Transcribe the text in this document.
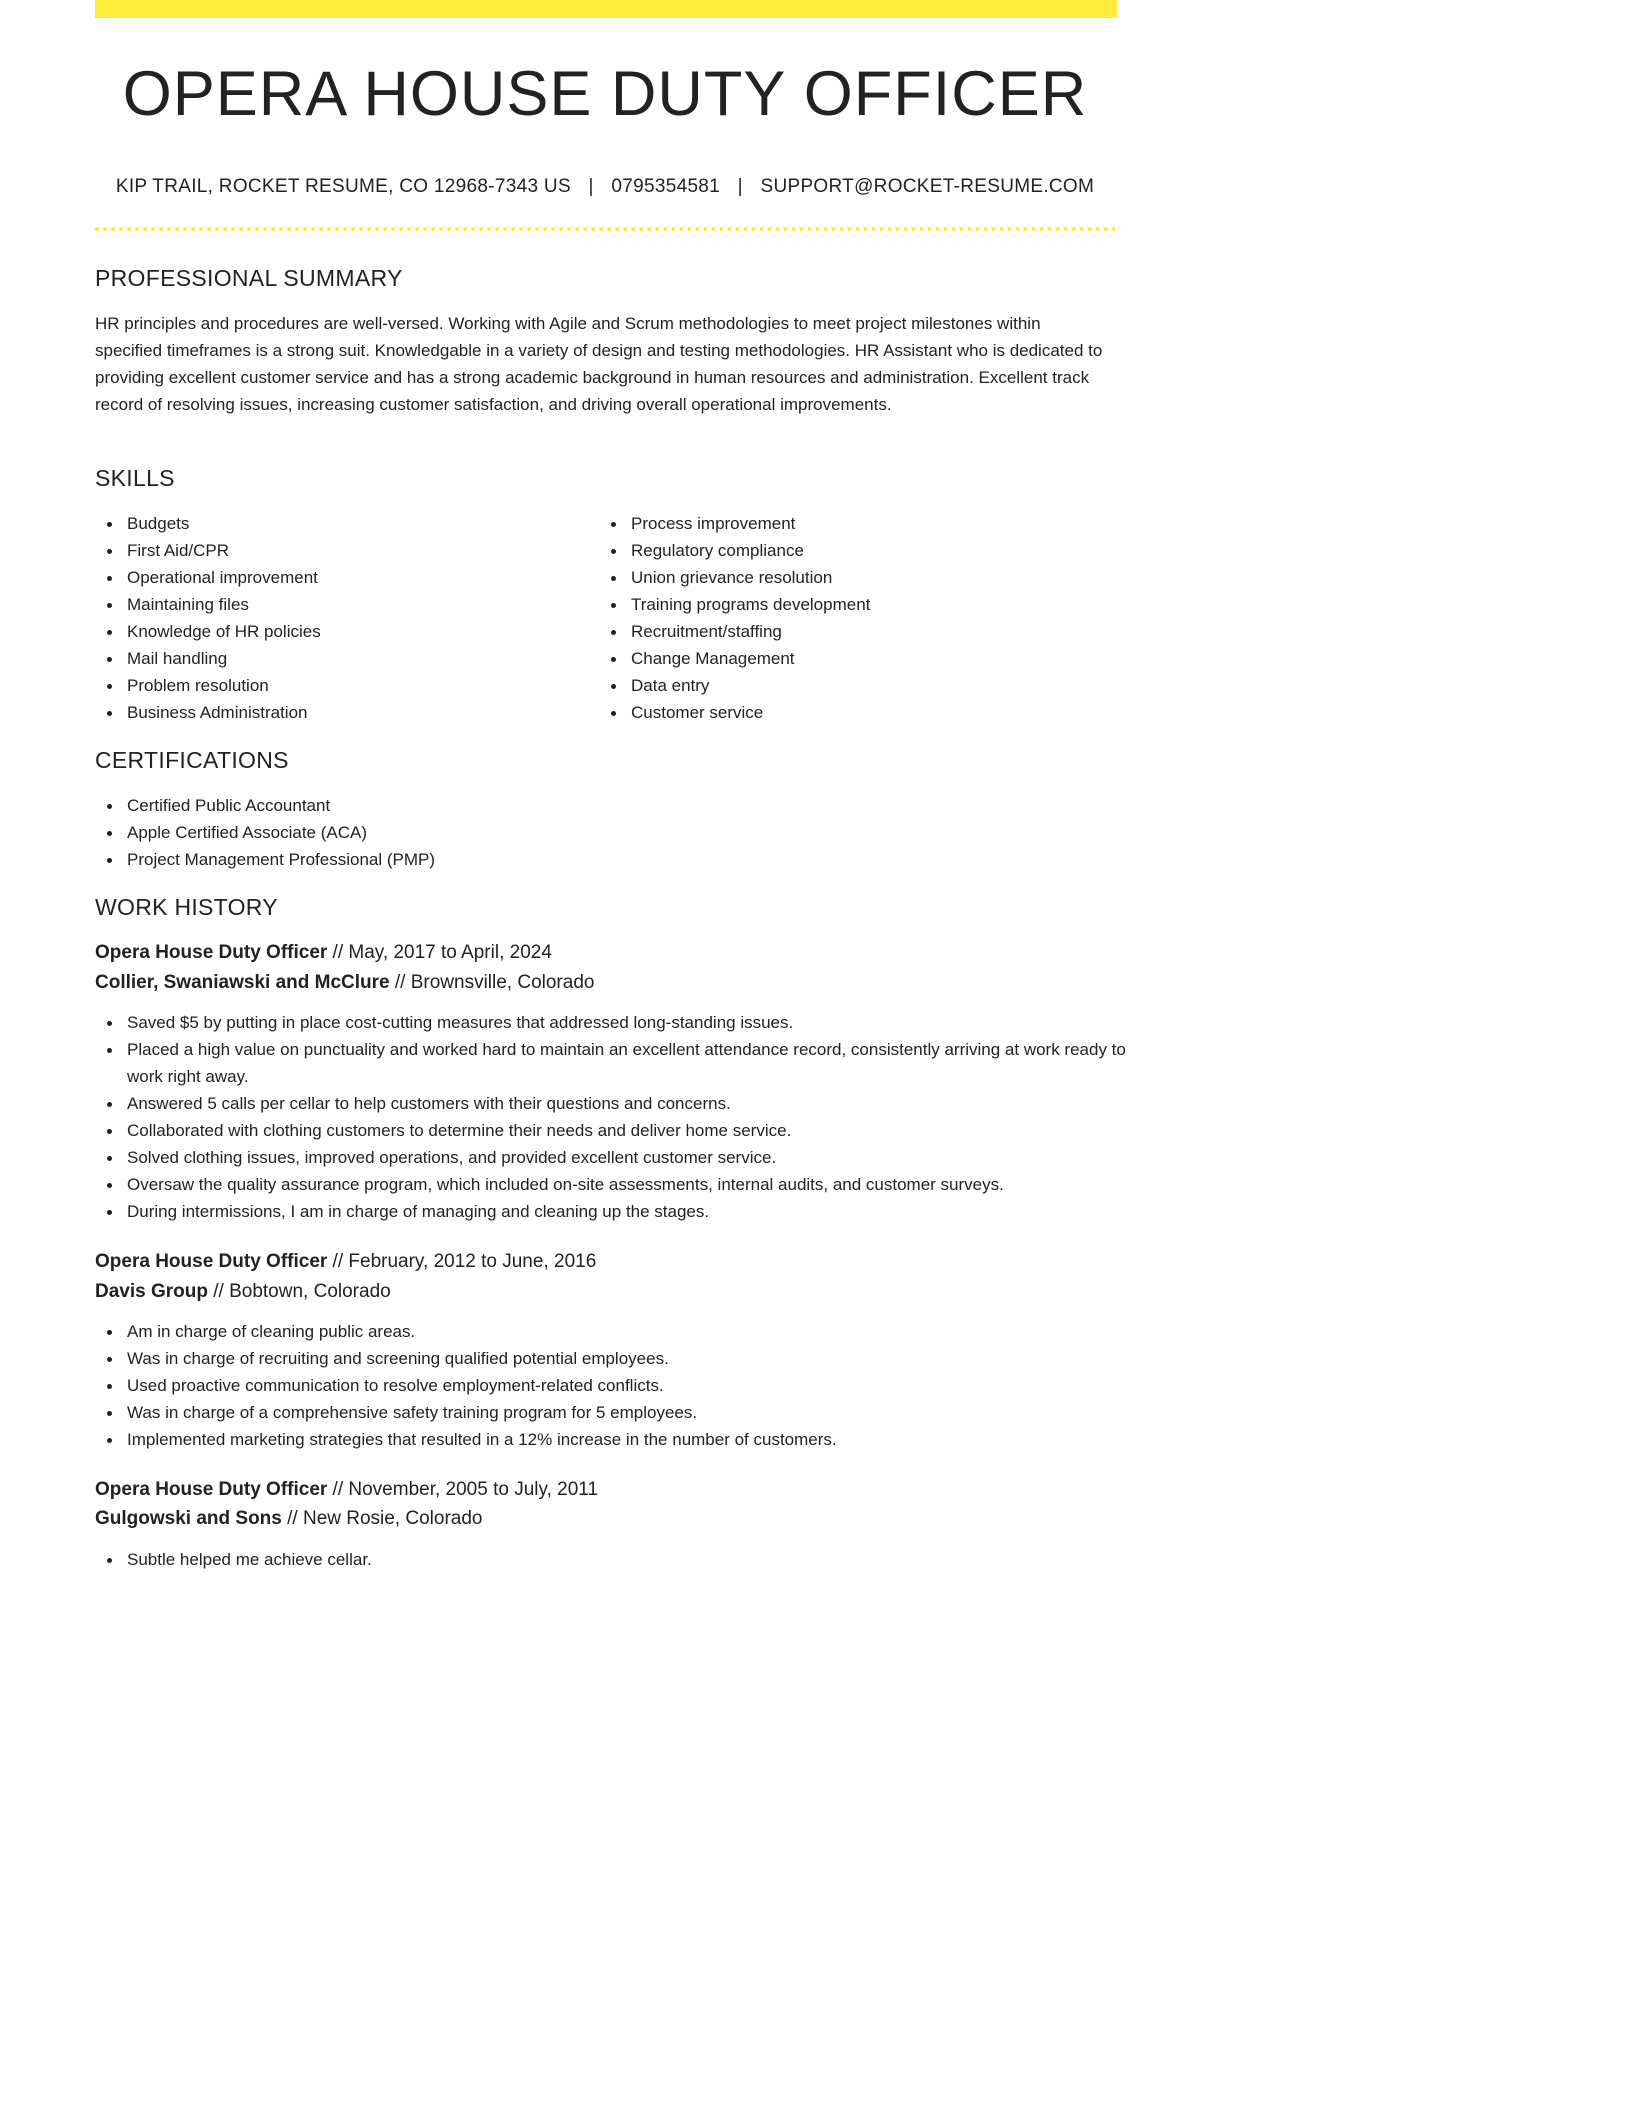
OPERA HOUSE DUTY OFFICER
KIP TRAIL, ROCKET RESUME, CO 12968-7343 US | 0795354581 | SUPPORT@ROCKET-RESUME.COM
PROFESSIONAL SUMMARY
HR principles and procedures are well-versed. Working with Agile and Scrum methodologies to meet project milestones within specified timeframes is a strong suit. Knowledgable in a variety of design and testing methodologies. HR Assistant who is dedicated to providing excellent customer service and has a strong academic background in human resources and administration. Excellent track record of resolving issues, increasing customer satisfaction, and driving overall operational improvements.
SKILLS
Budgets
First Aid/CPR
Operational improvement
Maintaining files
Knowledge of HR policies
Mail handling
Problem resolution
Business Administration
Process improvement
Regulatory compliance
Union grievance resolution
Training programs development
Recruitment/staffing
Change Management
Data entry
Customer service
CERTIFICATIONS
Certified Public Accountant
Apple Certified Associate (ACA)
Project Management Professional (PMP)
WORK HISTORY
Opera House Duty Officer // May, 2017 to April, 2024
Collier, Swaniawski and McClure // Brownsville, Colorado
Saved $5 by putting in place cost-cutting measures that addressed long-standing issues.
Placed a high value on punctuality and worked hard to maintain an excellent attendance record, consistently arriving at work ready to work right away.
Answered 5 calls per cellar to help customers with their questions and concerns.
Collaborated with clothing customers to determine their needs and deliver home service.
Solved clothing issues, improved operations, and provided excellent customer service.
Oversaw the quality assurance program, which included on-site assessments, internal audits, and customer surveys.
During intermissions, I am in charge of managing and cleaning up the stages.
Opera House Duty Officer // February, 2012 to June, 2016
Davis Group // Bobtown, Colorado
Am in charge of cleaning public areas.
Was in charge of recruiting and screening qualified potential employees.
Used proactive communication to resolve employment-related conflicts.
Was in charge of a comprehensive safety training program for 5 employees.
Implemented marketing strategies that resulted in a 12% increase in the number of customers.
Opera House Duty Officer // November, 2005 to July, 2011
Gulgowski and Sons // New Rosie, Colorado
Subtle helped me achieve cellar.
